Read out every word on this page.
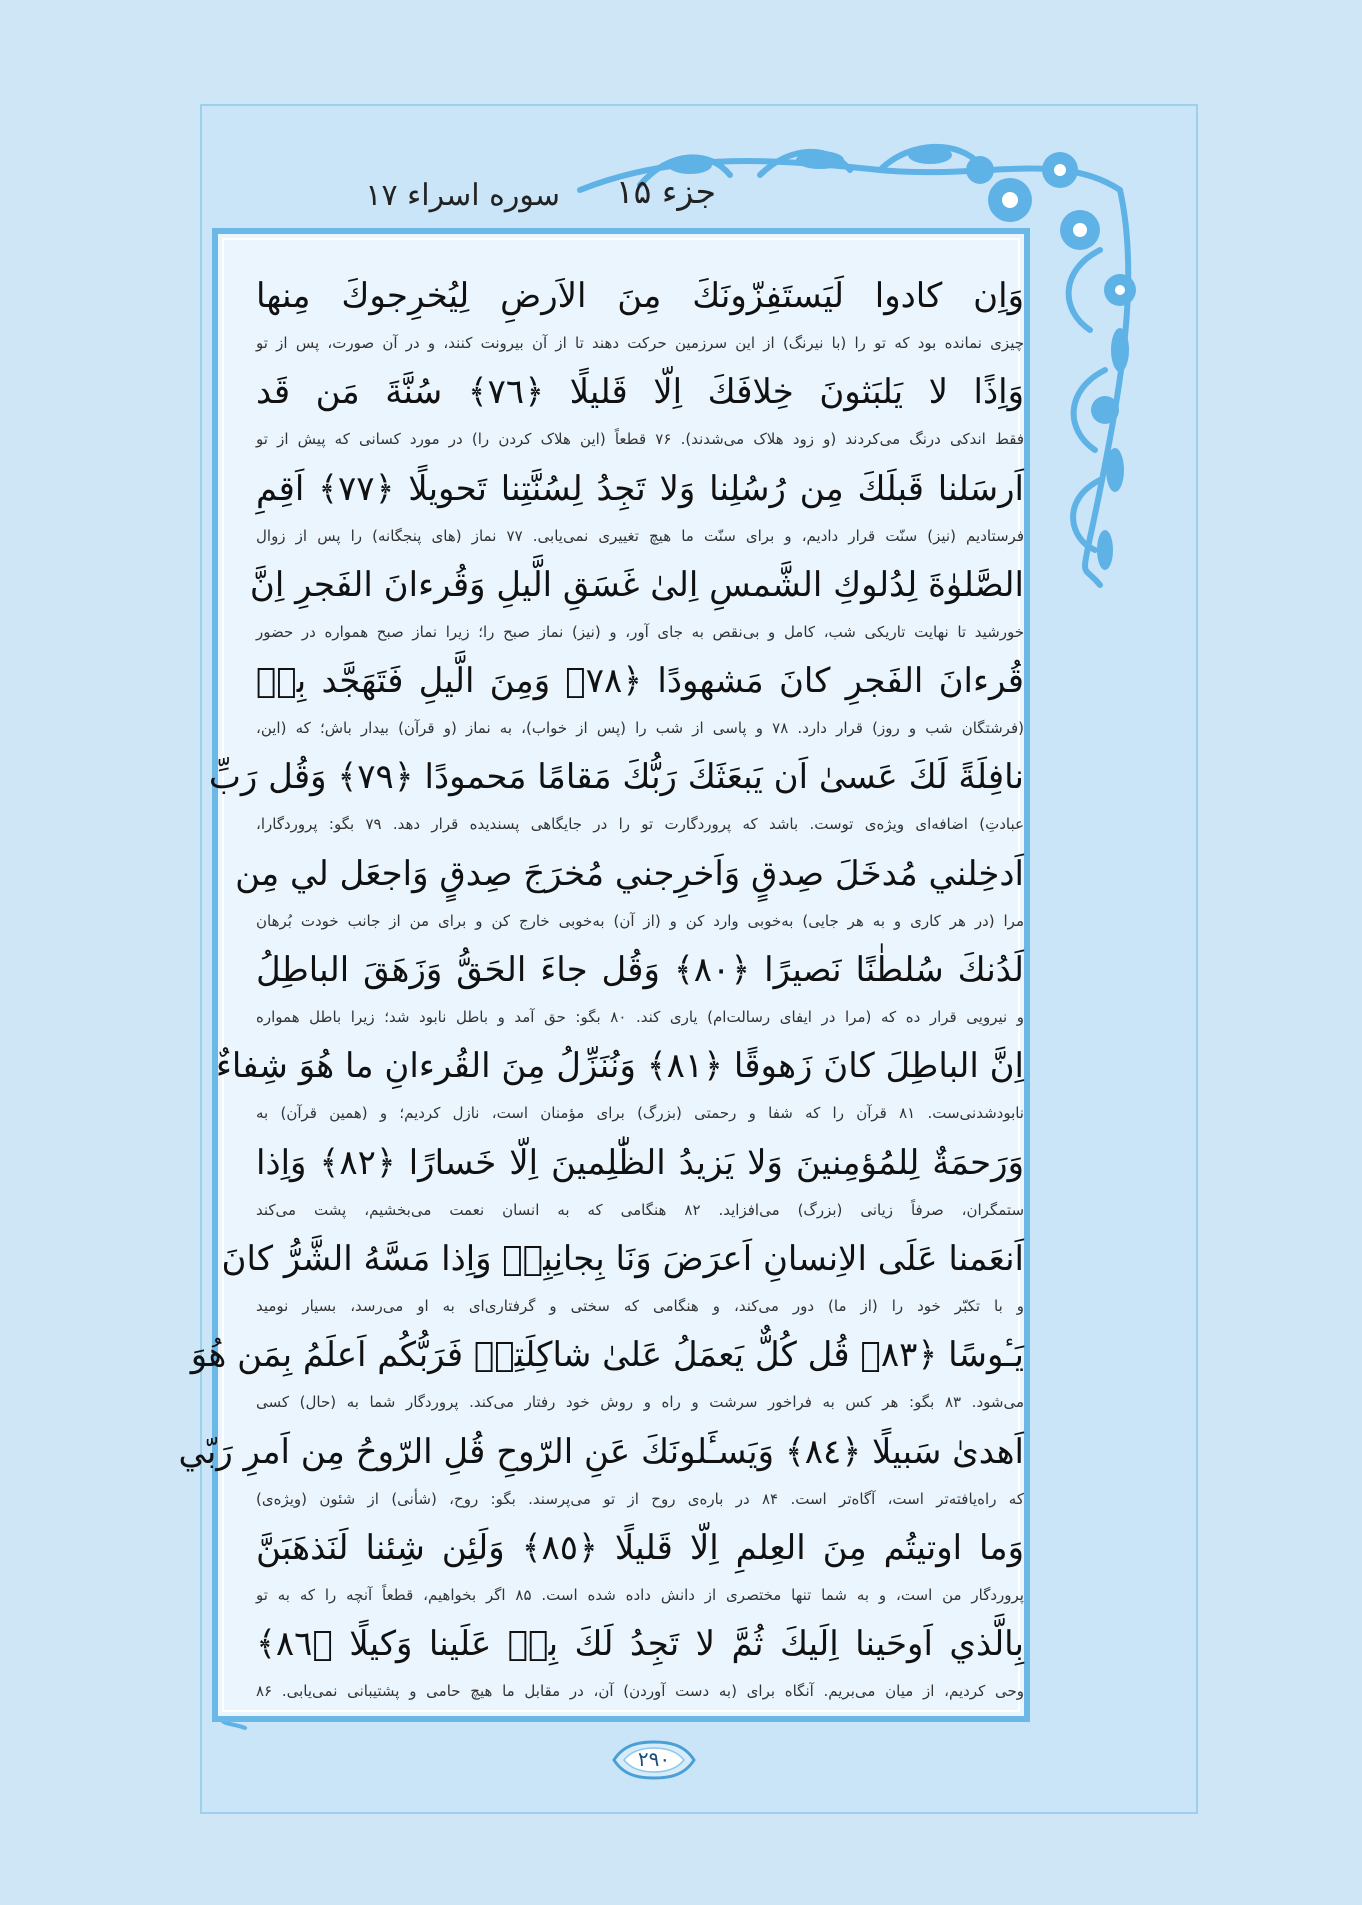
جزء ۱۵
سوره اسراء ۱۷
وَاِن كادوا لَيَستَفِزّونَكَ مِنَ الاَرضِ لِيُخرِجوكَ مِنها
چیزی نمانده بود که تو را (با نیرنگ) از این سرزمین حرکت دهند تا از آن بیرونت کنند، و در آن صورت، پس از تو
وَاِذًا لا يَلبَثونَ خِلافَكَ اِلّا قَليلًا ﴿٧٦﴾ سُنَّةَ مَن قَد
فقط اندکی درنگ می‌کردند (و زود هلاک می‌شدند). ۷۶ قطعاً (این هلاک کردن را) در مورد کسانی که پیش از تو
اَرسَلنا قَبلَكَ مِن رُسُلِنا وَلا تَجِدُ لِسُنَّتِنا تَحويلًا ﴿٧٧﴾ اَقِمِ
فرستادیم (نیز) سنّت قرار دادیم، و برای سنّت ما هیچ تغییری نمی‌یابی. ۷۷ نماز (های پنجگانه) را پس از زوال
الصَّلوٰةَ لِدُلوكِ الشَّمسِ اِلىٰ غَسَقِ الَّيلِ وَقُرءانَ الفَجرِ اِنَّ
خورشید تا نهایت تاریکی شب، کامل و بی‌نقص به جای آور، و (نیز) نماز صبح را؛ زیرا نماز صبح همواره در حضور
قُرءانَ الفَجرِ كانَ مَشهودًا ﴿٧٨﴾ وَمِنَ الَّيلِ فَتَهَجَّد بِهٖ
(فرشتگان شب و روز) قرار دارد. ۷۸ و پاسی از شب را (پس از خواب)، به نماز (و قرآن) بیدار باش؛ که (این،
نافِلَةً لَكَ عَسىٰ اَن يَبعَثَكَ رَبُّكَ مَقامًا مَحمودًا ﴿٧٩﴾ وَقُل رَبِّ
عبادتِ) اضافه‌ای ویژه‌ی توست. باشد که پروردگارت تو را در جایگاهی پسندیده قرار دهد. ۷۹ بگو: پروردگارا،
اَدخِلني مُدخَلَ صِدقٍ وَاَخرِجني مُخرَجَ صِدقٍ وَاجعَل لي مِن
مرا (در هر کاری و به هر جایی) به‌خوبی وارد کن و (از آن) به‌خوبی خارج کن و برای من از جانب خودت بُرهان
لَدُنكَ سُلطٰنًا نَصيرًا ﴿٨٠﴾ وَقُل جاءَ الحَقُّ وَزَهَقَ الباطِلُ
و نیرویی قرار ده که (مرا در ایفای رسالت‌ام) یاری کند. ۸۰ بگو: حق آمد و باطل نابود شد؛ زیرا باطل همواره
اِنَّ الباطِلَ كانَ زَهوقًا ﴿٨١﴾ وَنُنَزِّلُ مِنَ القُرءانِ ما هُوَ شِفاءٌ
نابودشدنی‌ست. ۸۱ قرآن را که شفا و رحمتی (بزرگ) برای مؤمنان است، نازل کردیم؛ و (همین قرآن) به
وَرَحمَةٌ لِلمُؤمِنينَ وَلا يَزيدُ الظّٰلِمينَ اِلّا خَسارًا ﴿٨٢﴾ وَاِذا
ستمگران، صرفاً زیانی (بزرگ) می‌افزاید. ۸۲ هنگامی که به انسان نعمت می‌بخشیم، پشت می‌کند
اَنعَمنا عَلَى الاِنسانِ اَعرَضَ وَنَا بِجانِبِهٖ وَاِذا مَسَّهُ الشَّرُّ كانَ
و با تکبّر خود را (از ما) دور می‌کند، و هنگامی که سختی و گرفتاری‌ای به او می‌رسد، بسیار نومید
يَـٔوسًا ﴿٨٣﴾ قُل كُلٌّ يَعمَلُ عَلىٰ شاكِلَتِهٖ فَرَبُّكُم اَعلَمُ بِمَن هُوَ
می‌شود. ۸۳ بگو: هر کس به فراخور سرشت و راه و روش خود رفتار می‌کند. پروردگار شما به (حال) کسی
اَهدىٰ سَبيلًا ﴿٨٤﴾ وَيَسـَٔلونَكَ عَنِ الرّوحِ قُلِ الرّوحُ مِن اَمرِ رَبّي
که راه‌یافته‌تر است، آگاه‌تر است. ۸۴ در باره‌ی روح از تو می‌پرسند. بگو: روح، (شأنی) از شئون (ویژه‌ی)
وَما اوتيتُم مِنَ العِلمِ اِلّا قَليلًا ﴿٨٥﴾ وَلَئِن شِئنا لَنَذهَبَنَّ
پروردگار من است، و به شما تنها مختصری از دانش داده شده است. ۸۵ اگر بخواهیم، قطعاً آنچه را که به تو
بِالَّذي اَوحَينا اِلَيكَ ثُمَّ لا تَجِدُ لَكَ بِهٖ عَلَينا وَكيلًا ﴿٨٦﴾
وحی کردیم، از میان می‌بریم. آنگاه برای (به دست آوردن) آن، در مقابل ما هیچ حامی و پشتیبانی نمی‌یابی. ۸۶
۲۹۰
